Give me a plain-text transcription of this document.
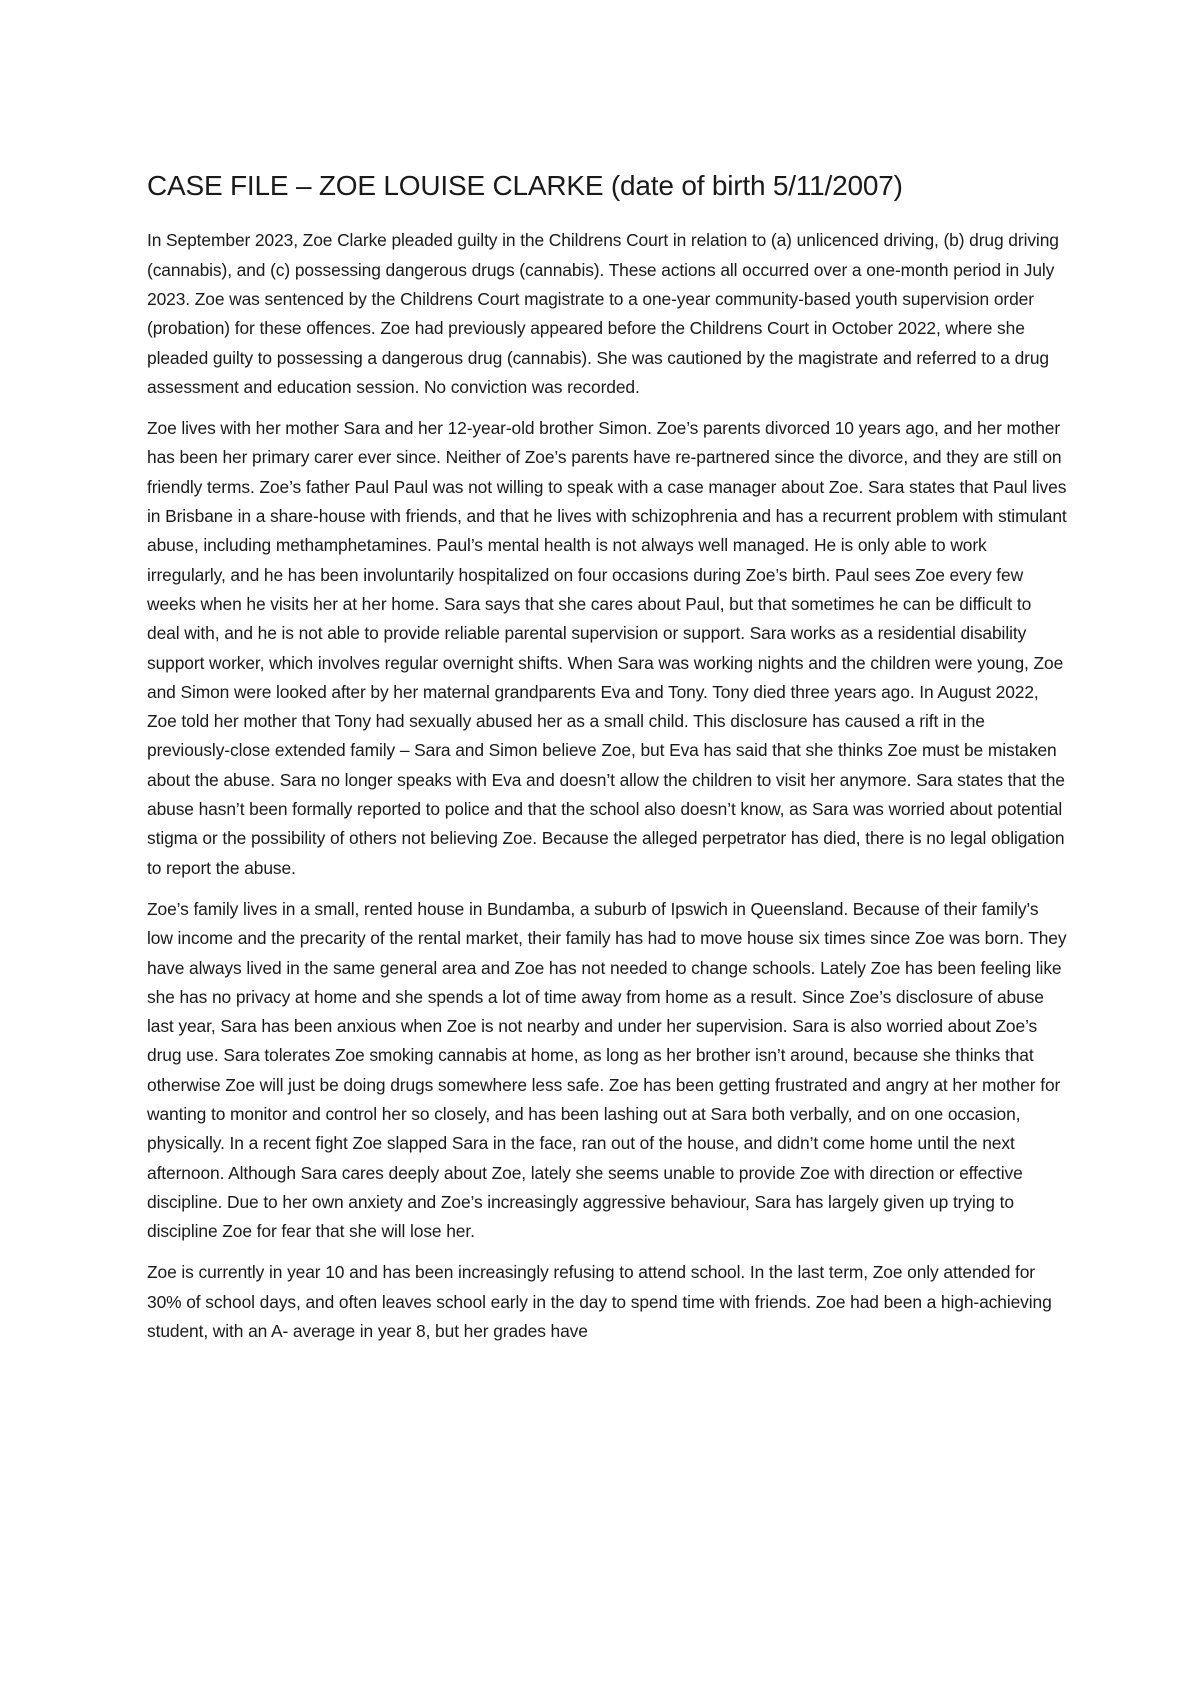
CASE FILE – ZOE LOUISE CLARKE (date of birth 5/11/2007)

In September 2023, Zoe Clarke pleaded guilty in the Childrens Court in relation to (a) unlicenced driving, (b) drug driving (cannabis), and (c) possessing dangerous drugs (cannabis). These actions all occurred over a one-month period in July 2023. Zoe was sentenced by the Childrens Court magistrate to a one-year community-based youth supervision order (probation) for these offences. Zoe had previously appeared before the Childrens Court in October 2022, where she pleaded guilty to possessing a dangerous drug (cannabis). She was cautioned by the magistrate and referred to a drug assessment and education session. No conviction was recorded.

Zoe lives with her mother Sara and her 12-year-old brother Simon. Zoe’s parents divorced 10 years ago, and her mother has been her primary carer ever since. Neither of Zoe’s parents have re-partnered since the divorce, and they are still on friendly terms. Zoe’s father Paul Paul was not willing to speak with a case manager about Zoe. Sara states that Paul lives in Brisbane in a share-house with friends, and that he lives with schizophrenia and has a recurrent problem with stimulant abuse, including methamphetamines. Paul’s mental health is not always well managed. He is only able to work irregularly, and he has been involuntarily hospitalized on four occasions during Zoe’s birth. Paul sees Zoe every few weeks when he visits her at her home. Sara says that she cares about Paul, but that sometimes he can be difficult to deal with, and he is not able to provide reliable parental supervision or support. Sara works as a residential disability support worker, which involves regular overnight shifts. When Sara was working nights and the children were young, Zoe and Simon were looked after by her maternal grandparents Eva and Tony. Tony died three years ago. In August 2022, Zoe told her mother that Tony had sexually abused her as a small child. This disclosure has caused a rift in the previously-close extended family – Sara and Simon believe Zoe, but Eva has said that she thinks Zoe must be mistaken about the abuse. Sara no longer speaks with Eva and doesn’t allow the children to visit her anymore. Sara states that the abuse hasn’t been formally reported to police and that the school also doesn’t know, as Sara was worried about potential stigma or the possibility of others not believing Zoe. Because the alleged perpetrator has died, there is no legal obligation to report the abuse.

Zoe’s family lives in a small, rented house in Bundamba, a suburb of Ipswich in Queensland. Because of their family’s low income and the precarity of the rental market, their family has had to move house six times since Zoe was born. They have always lived in the same general area and Zoe has not needed to change schools. Lately Zoe has been feeling like she has no privacy at home and she spends a lot of time away from home as a result. Since Zoe’s disclosure of abuse last year, Sara has been anxious when Zoe is not nearby and under her supervision. Sara is also worried about Zoe’s drug use. Sara tolerates Zoe smoking cannabis at home, as long as her brother isn’t around, because she thinks that otherwise Zoe will just be doing drugs somewhere less safe. Zoe has been getting frustrated and angry at her mother for wanting to monitor and control her so closely, and has been lashing out at Sara both verbally, and on one occasion, physically. In a recent fight Zoe slapped Sara in the face, ran out of the house, and didn’t come home until the next afternoon. Although Sara cares deeply about Zoe, lately she seems unable to provide Zoe with direction or effective discipline. Due to her own anxiety and Zoe’s increasingly aggressive behaviour, Sara has largely given up trying to discipline Zoe for fear that she will lose her.

Zoe is currently in year 10 and has been increasingly refusing to attend school. In the last term, Zoe only attended for 30% of school days, and often leaves school early in the day to spend time with friends. Zoe had been a high-achieving student, with an A- average in year 8, but her grades have
